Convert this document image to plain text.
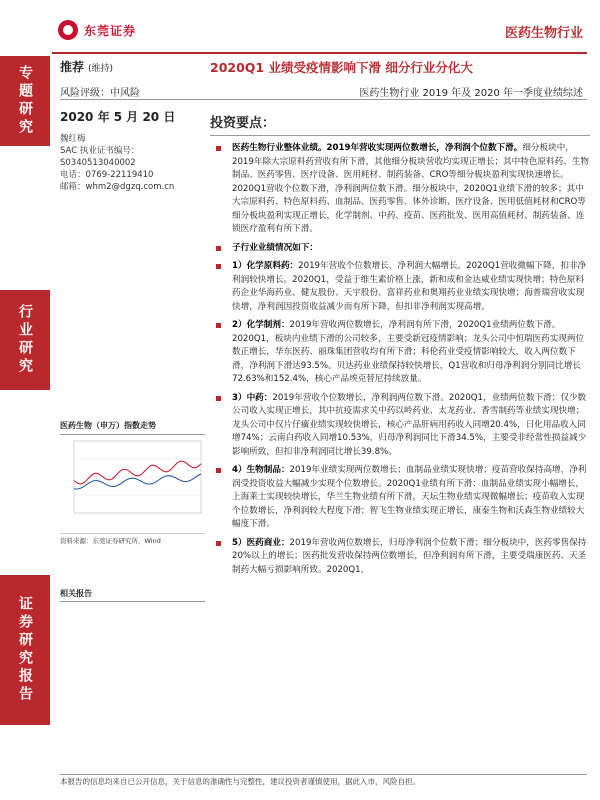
东莞证券	医药生物行业
专题研究
行业研究
证券研究报告
推荐 (维持)	2020Q1 业绩受疫情影响下滑 细分行业分化大
风险评级：中风险	医药生物行业 2019 年及 2020 年一季度业绩综述
2020 年 5 月 20 日
魏红梅
SAC 执业证书编号：S0340513040002
电话：0769-22119410
邮箱：whm2@dgzq.com.cn
医药生物（申万）指数走势
资料来源：东莞证券研究所，Wind
相关报告
投资要点：
医药生物行业整体业绩。2019年营收实现两位数增长，净利润个位数下滑。细分板块中，2019年除大宗原料药营收有所下滑，其他细分板块营收均实现正增长；其中特色原料药、生物制品、医药零售、医疗设备、医用耗材、制药装备、CRO等细分板块盈利实现快速增长。2020Q1营收个位数下滑，净利润两位数下滑。细分板块中，2020Q1业绩下滑的较多；其中大宗原料药、特色原料药、血制品、医药零售、体外诊断、医疗设备、医用低值耗材和CRO等细分板块盈利实现正增长，化学制剂、中药、疫苗、医药批发、医用高值耗材、制药装备、连锁医疗盈利有所下滑。
子行业业绩情况如下：
1）化学原料药：2019年营收个位数增长，净利润大幅增长。2020Q1营收微幅下降，扣非净利润较快增长。2020Q1，受益于维生素价格上涨，新和成和金达威业绩实现快增；特色原料药企业华海药业、健友股份、天宇股份、富祥药业和奥翔药业业绩实现快增；海普瑞营收实现快增，净利润因投资收益减少而有所下降，但扣非净利润实现高增。
2）化学制剂：2019年营收两位数增长，净利润有所下滑，2020Q1业绩两位数下滑。2020Q1，板块内业绩下滑的公司较多，主要受新冠疫情影响；龙头公司中恒瑞医药实现两位数正增长，华东医药、丽珠集团营收均有所下滑；科伦药业受疫情影响较大，收入两位数下滑，净利润下滑达93.5%。贝达药业业绩保持较快增长，Q1营收和归母净利润分别同比增长72.63%和152.4%，核心产品埃克替尼持续放量。
3）中药：2019年营收个位数增长，净利润两位数下滑。2020Q1，业绩两位数下滑；仅少数公司收入实现正增长，其中抗疫需求关中药以岭药业、太龙药业、香雪制药等业绩实现快增；龙头公司中仅片仔癀业绩实现较快增长，核心产品肝病用药收入同增20.4%，日化用品收入同增74%；云南白药收入同增10.53%，归母净利润同比下滑34.5%，主要受非经常性损益减少影响所致，但扣非净利润同比增长39.8%。
4）生物制品：2019年业绩实现两位数增长；血制品业绩实现快增；疫苗营收保持高增，净利润受投资收益大幅减少实现个位数增长。2020Q1业绩有所下滑：血制品业绩实现小幅增长，上海莱士实现较快增长，华兰生物业绩有所下滑，天坛生物业绩实现微幅增长；疫苗收入实现个位数增长，净利润较大程度下滑；智飞生物业绩实现正增长，康泰生物和沃森生物业绩较大幅度下滑。
5）医药商业：2019年营收两位数增长，归母净利润个位数下滑；细分板块中，医药零售保持20%以上的增长；医药批发营收保持两位数增长，但净利润有所下滑，主要受瑞康医药、天圣制药大幅亏损影响所致。2020Q1，
本报告的信息均来自已公开信息，关于信息的准确性与完整性，建议投资者谨慎使用，据此入市，风险自担。
